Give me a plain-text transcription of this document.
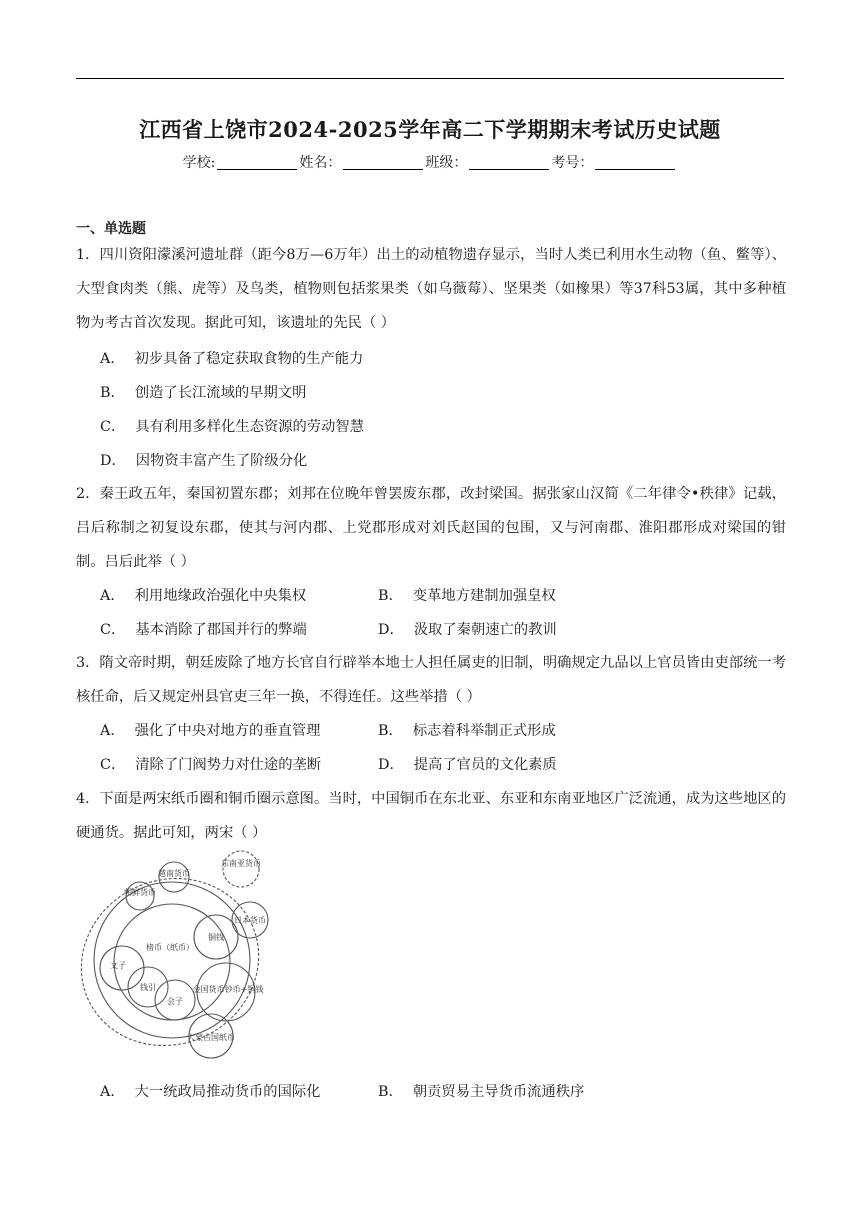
江西省上饶市2024-2025学年高二下学期期末考试历史试题
学校:	姓名：	班级：	考号：
一、单选题
1．四川资阳濛溪河遗址群（距今8万—6万年）出土的动植物遗存显示，当时人类已利用水生动物（鱼、鳖等）、大型食肉类（熊、虎等）及鸟类，植物则包括浆果类（如乌薇莓）、坚果类（如橡果）等37科53属，其中多种植物为考古首次发现。据此可知，该遗址的先民（ ）
A． 初步具备了稳定获取食物的生产能力
B． 创造了长江流域的早期文明
C． 具有利用多样化生态资源的劳动智慧
D． 因物资丰富产生了阶级分化
2．秦王政五年，秦国初置东郡；刘邦在位晚年曾罢废东郡，改封梁国。据张家山汉简《二年律令•秩律》记载，吕后称制之初复设东郡，使其与河内郡、上党郡形成对刘氏赵国的包围，又与河南郡、淮阳郡形成对梁国的钳制。吕后此举（ ）
A． 利用地缘政治强化中央集权	B． 变革地方建制加强皇权
C． 基本消除了郡国并行的弊端	D． 汲取了秦朝速亡的教训
3．隋文帝时期，朝廷废除了地方长官自行辟举本地士人担任属吏的旧制，明确规定九品以上官员皆由吏部统一考核任命，后又规定州县官吏三年一换，不得连任。这些举措（ ）
A． 强化了中央对地方的垂直管理	B． 标志着科举制正式形成
C． 清除了门阀势力对仕途的垄断	D． 提高了官员的文化素质
4．下面是两宋纸币圈和铜币圈示意图。当时，中国铜币在东北亚、东亚和东南亚地区广泛流通，成为这些地区的硬通货。据此可知，两宋（ ）
东南亚货币
越南货币
朝鲜货币
日本货币
铜钱
楮币（纸币）
文子
钱引
会子
金国货币钞币+铜钱
大蒙古国纸币
A． 大一统政局推动货币的国际化	B． 朝贡贸易主导货币流通秩序
